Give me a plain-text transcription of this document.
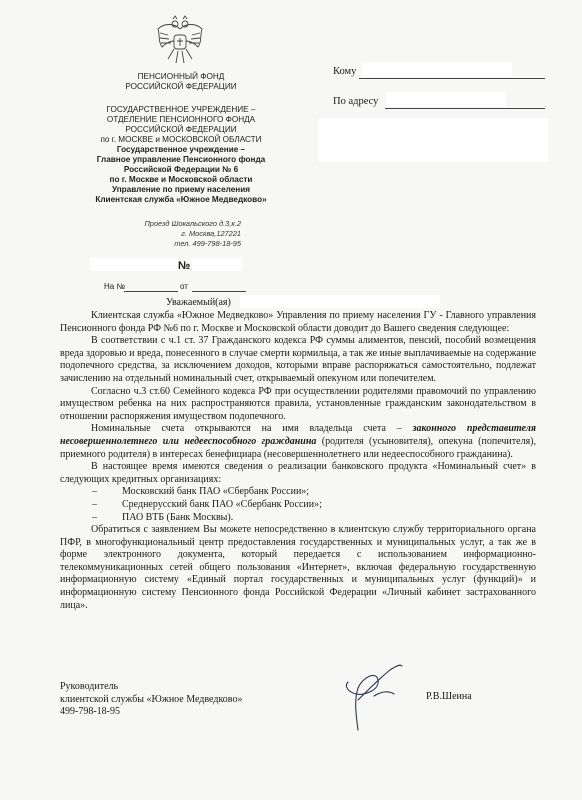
ПЕНСИОННЫЙ ФОНД
РОССИЙСКОЙ ФЕДЕРАЦИИ
ГОСУДАРСТВЕННОЕ УЧРЕЖДЕНИЕ –
ОТДЕЛЕНИЕ ПЕНСИОННОГО ФОНДА
РОССИЙСКОЙ ФЕДЕРАЦИИ
по г. МОСКВЕ и МОСКОВСКОЙ ОБЛАСТИ
Государственное учреждение –
Главное управление Пенсионного фонда
Российской Федерации № 6
по г. Москве и Московской области
Управление по приему населения
Клиентская служба «Южное Медведково»
Проезд Шокальского д.3,к.2
г. Москва,127221
тел. 499-798-18-95
Кому
По адресу
№
На №	от
Уважаемый(ая)

Клиентская служба «Южное Медведково» Управления по приему населения ГУ - Главного управления Пенсионного фонда РФ №6 по г. Москве и Московской области доводит до Вашего сведения следующее:

В соответствии с ч.1 ст. 37 Гражданского кодекса РФ суммы алиментов, пенсий, пособий возмещения вреда здоровью и вреда, понесенного в случае смерти кормильца, а так же иные выплачиваемые на содержание подопечного средства, за исключением доходов, которыми вправе распоряжаться самостоятельно, подлежат зачислению на отдельный номинальный счет, открываемый опекуном или попечителем.

Согласно ч.3 ст.60 Семейного кодекса РФ при осуществлении родителями правомочий по управлению имуществом ребенка на них распространяются правила, установленные гражданским законодательством в отношении распоряжения имуществом подопечного.

Номинальные счета открываются на имя владельца счета – законного представителя несовершеннолетнего или недееспособного гражданина (родителя (усыновителя), опекуна (попечителя), приемного родителя) в интересах бенефициара (несовершеннолетнего или недееспособного гражданина).

В настоящее время имеются сведения о реализации банковского продукта «Номинальный счет» в следующих кредитных организациях:

–	Московский банк ПАО «Сбербанк России»;
–	Среднерусский банк ПАО «Сбербанк России»;
–	ПАО ВТБ (Банк Москвы).

Обратиться с заявлением Вы можете непосредственно в клиентскую службу территориального органа ПФР, в многофункциональный центр предоставления государственных и муниципальных услуг, а так же в форме электронного документа, который передается с использованием информационно-телекоммуникационных сетей общего пользования «Интернет», включая федеральную государственную информационную систему «Единый портал государственных и муниципальных услуг (функций)» и информационную систему Пенсионного фонда Российской Федерации «Личный кабинет застрахованного лица».

Руководитель
клиентской службы «Южное Медведково»
499-798-18-95
Р.В.Шеина
